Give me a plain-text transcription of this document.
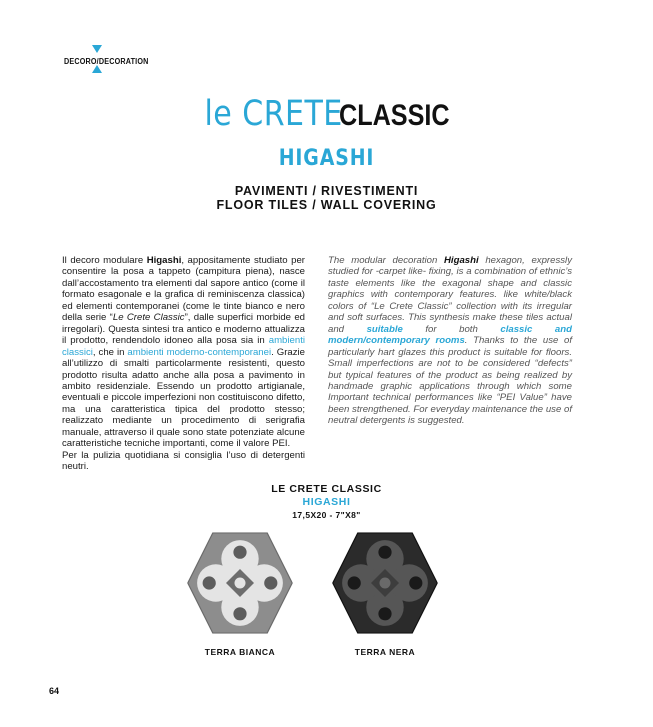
DECORO/DECORATION
le CRETE CLASSIC
HIGASHI
PAVIMENTI / RIVESTIMENTI
FLOOR TILES / WALL COVERING

Il decoro modulare Higashi, appositamente studiato per consentire la posa a tappeto (campitura piena), nasce dall’accostamento tra elementi dal sapore antico (come il formato esagonale e la grafica di reminiscenza classica) ed elementi contemporanei (come le tinte bianco e nero della serie “Le Crete Classic”, dalle superfici morbide ed irregolari). Questa sintesi tra antico e moderno attualizza il prodotto, rendendolo idoneo alla posa sia in ambienti classici, che in ambienti moderno-contemporanei. Grazie all’utilizzo di smalti particolarmente resistenti, questo prodotto risulta adatto anche alla posa a pavimento in ambito residenziale. Essendo un prodotto artigianale, eventuali e piccole imperfezioni non costituiscono difetto, ma una caratteristica tipica del prodotto stesso; realizzato mediante un procedimento di serigrafia manuale, attraverso il quale sono state potenziate alcune caratteristiche tecniche importanti, come il valore PEI.

Per la pulizia quotidiana si consiglia l’uso di detergenti neutri.

The modular decoration Higashi hexagon, expressly studied for -carpet like- fixing, is a combination of ethnic’s taste elements like the exagonal shape and classic graphics with contemporary features. like white/black colors of “Le Crete Classic” collection with its irregular and soft surfaces. This synthesis make these tiles actual and suitable for both classic and modern/contemporary rooms. Thanks to the use of particularly hart glazes this product is suitable for floors. Small imperfections are not to be considered “defects” but typical features of the product as being realized by handmade graphic applications through which some Important technical performances like “PEI Value” have been strengthened. For everyday maintenance the use of neutral detergents is suggested.

LE CRETE CLASSIC
HIGASHI
17,5X20 - 7"X8"
TERRA BIANCA	TERRA NERA
64
